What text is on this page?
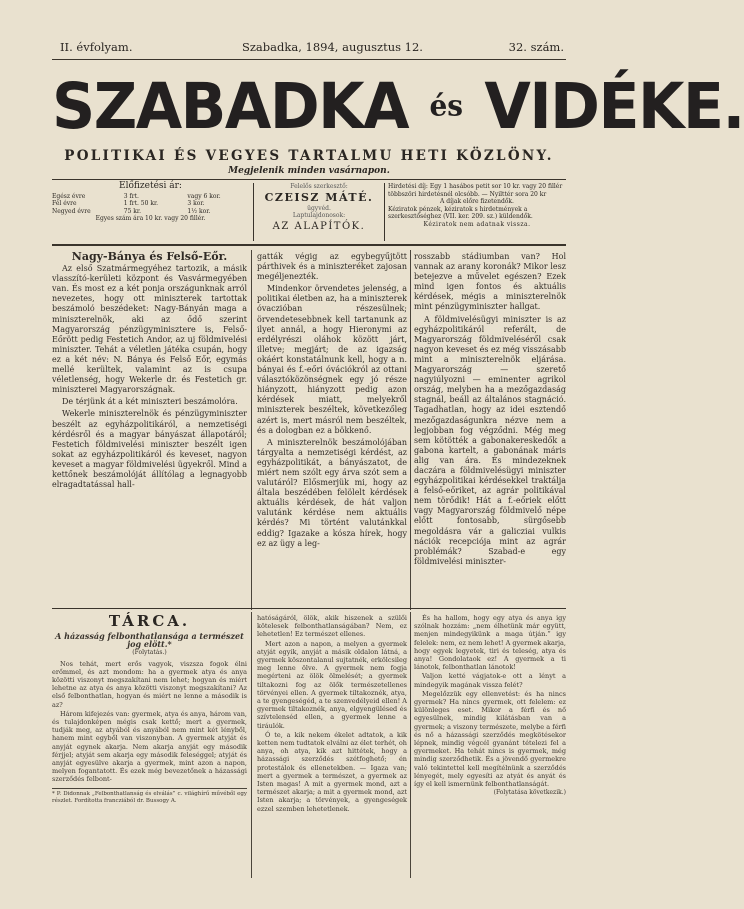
II. évfolyam.	Szabadka, 1894, augusztus 12.	32. szám.
SZABADKA $^{és}$ VIDÉKE.
POLITIKAI ÉS VEGYES TARTALMU HETI KÖZLÖNY.
Megjelenik minden vasárnapon.
Előfizetési ár:
Egész évre	3 frt.	vagy 6 kor.
Fél évre	1 frt. 50 kr.	3 kor.
Negyed évre	75 kr.	1½ kor.
Egyes szám ára 10 kr. vagy 20 fillér.
Felelős szerkesztő:
CZEISZ MÁTÉ.
ügyvéd.
Laptulajdonosok:
AZ ALAPÍTÓK.
Hirdetési díj: Egy 1 hasábos petit sor 10 kr. vagy 20 fillér többszöri hirdetésnél olcsóbb. — Nyilttér sora 20 kr
A díjak előre fizetendők.
Kéziratok pénzek, kéziratok s hirdetmények a szerkesztőséghez (VII. ker. 209. sz.) küldendők.
Kéziratok nem adatnak vissza.

Nagy-Bánya és Felső-Eőr.

Az első Szatmármegyéhez tartozik, a másik vlasszító-kerületi központ és Vasvármegyében van. És most ez a két ponja országunknak arról nevezetes, hogy ott miniszterek tartottak beszámoló beszédeket: Nagy-Bányán maga a miniszterelnök, aki az ődő szerint Magyarország pénzügyminisztere is, Felső-Eőrött pedig Festetich Andor, az uj földmivelési miniszter. Tehát a véletlen játéka csupán, hogy ez a két név: N. Bánya és Felső Eőr, egymás mellé kerültek, valamint az is csupa véletlenség, hogy Wekerle dr. és Festetich gr. miniszterei Magyarországnak.

De térjünk át a két miniszteri beszámolóra.

Wekerle miniszterelnök és pénzügyminiszter beszélt az egyházpolitikáról, a nemzetiségi kérdésről és a magyar bányászat állapotáról; Festetich földmivelési miniszter beszélt igen sokat az egyházpolitikáról és keveset, nagyon keveset a magyar földmivelési ügyekről. Mind a kettőnek beszámolóját állítólag a legnagyobb elragadtatással hall-

gatták végig az egybegyűjtött párthivek és a miniszteréket zajosan megéljenezték.

Mindenkor örvendetes jelenség, a politikai életben az, ha a miniszterek óvaczióban részesülnek; örvendetesebbnek kell tartanunk az ilyet annál, a hogy Hieronymi az erdélyrészi oláhok között járt, illetve; megjárt; de az igazság okáért konstatálnunk kell, hogy a n. bányai és f.-eőri óvációkról az ottani választóközönségnek egy jó része hiányzott, hiányzott pedig azon kérdések miatt, melyekről miniszterek beszéltek, következőleg azért is, mert másról nem beszéltek, és a dologban ez a bökkenő.

A miniszterelnök beszámolójában tárgyalta a nemzetiségi kérdést, az egyházpolitikát, a bányászatot, de miért nem szólt egy árva szót sem a valutáról? Elősmerjük mi, hogy az általa beszédében felölelt kérdések aktuális kérdések, de hát valjon valutánk kérdése nem aktuális kérdés? Mi történt valutánkkal eddig? Igazake a kósza hírek, hogy ez az ügy a leg-

rosszabb stádiumban van? Hol vannak az arany koronák? Mikor lesz betejezve a művelet egészen? Ezek mind igen fontos és aktuális kérdések, mégis a miniszterelnök mint pénzügyminiszter hallgat.

A földmivelésügyi miniszter is az egyházpolitikáról referált, de Magyarország földmiveléséről csak nagyon keveset és ez még visszásabb mint a miniszterelnök eljárása. Magyarország — szerető nagyiúlyozni — eminenter agrikol ország, melyben ha a mezőgazdaság stagnál, beáll az általános stagnáció. Tagadhatlan, hogy az idei esztendő mezőgazdaságunkra nézve nem a legjobban fog végződni. Még meg sem kötötték a gabonakereskedők a gabona kartelt, a gabonának máris alig van ára. És mindezeknek daczára a földmivelésügyi miniszter egyházpolitikai kérdésekkel traktálja a felső-eőriket, az agrár politikával nem törődik! Hát a f.-eőriek előtt vagy Magyarország földmivelő népe előtt fontosabb, sürgősebb megoldásra vár a galicziai vulkis nációk recepciója mint az agrár problémák? Szabad-e egy földmivelési miniszter-

TÁRCA.

A házasság felbonthatlansága a természet jog elött.*

(Folytatás.)

Nos tehát, mert erős vagyok, viszsza fogok élni erőmmel, és azt mondom: ha a gyermek atya és anya közötti viszonyt megszakítani nem lehet; hogyan és miért lehetne az atya és anya közötti viszonyt megszakítani? Az első felbonthatlan, hogyan és miért ne lenne a második is az?

Három kifejezés van: gyermek, atya és anya, három van, és tulajdonképen mégis csak kettő; mert a gyermek, tudják meg, az atyából és anyából nem mint két lényből, hanem mint egyből van viszonyban. A gyermek atyját és anyját egynek akarja. Nem akarja anyját egy második férjjel; atyját sem akarja egy második feleséggel; atyját és anyját egyesülve akarja a gyermek, mint azon a napon, melyen fogantatott. És ezek még bevezetőnek a házassági szerződés felbont-

* P. Didonnak „Felbonthatlanság és elválás” c. világhírű művéből egy részlet. Fordította francziából dr. Bussogy A.

hatóságáról, ölök, akik hiszenek a szülői kötelesek felbonthatlanságában? Nem, ez lehetetlen! Ez természet ellenes.

Mert azon a napon, a melyen a gyermek atyját egyik, anyját a másik oldalon látná, a gyermek köszontalanul sujtatnék, erkölcsileg meg lenne ölve. A gyermek nem fogja megérteni az ölök ölmelését; a gyermek tiltakozni fog az ölők természetellenes törvényei ellen. A gyermek tiltakoznék, atya, a te gyengeségéd, a te szenvedélyeid ellen! A gyermek tiltakoznék, anya, elgyengülésed és szívtelenséd ellen, a gyermek lenne a tiráulók.

Ó te, a kik nekem ékelet adtatok, a kik ketten nem tudtatok elválni az élet terhét, oh anya, oh atya, kik azt hittétek, hogy a házassági szerződés szétfoghető; én protestálok és ellenetekben. — Igaza van; mert a gyermek a természet, a gyermek az Isten magas! A mit a gyermek mond, azt a természet akarja; a mit a gyermek mond, azt Isten akarja; a törvények, a gyengeségek ezzel szemben lehetetlenek.

És ha hallom, hogy egy atya és anya igy szólnak hozzám: „nem élhetünk már együtt, menjen mindegyikünk a maga útján.” igy felelek: nem, ez nem lehet! A gyermek akarja, hogy egyek legyetek, tiri és teleség, atya és anya! Gondolataok ez! A gyermek a ti lánotok, felbonthatlan lánotok!

Valjon ketté vágjatok-e ott a lényt a mindegyik magának vissza felét?

Megelőzzük egy ellenvetést: és ha nincs gyermek? Ha nincs gyermek, ott felelem: ez különleges eset. Mikor a férfi és nő egyesülnek, mindig kilátásban van a gyermek; a viszony természete, melybe a férfi és nő a házassági szerződés megkötésekor lépnek, mindig végcél gyanánt tételezi fel a gyermeket. Ha tehát nincs is gyermek, még mindig szerződhetik. És a jövendő gyermekre való tekintettel kell megítélnünk a szerződés lényegét, mely egyesíti az atyát és anyát és így el kell ismernünk felbonthatlanságát.

(Folytatása következik.)
